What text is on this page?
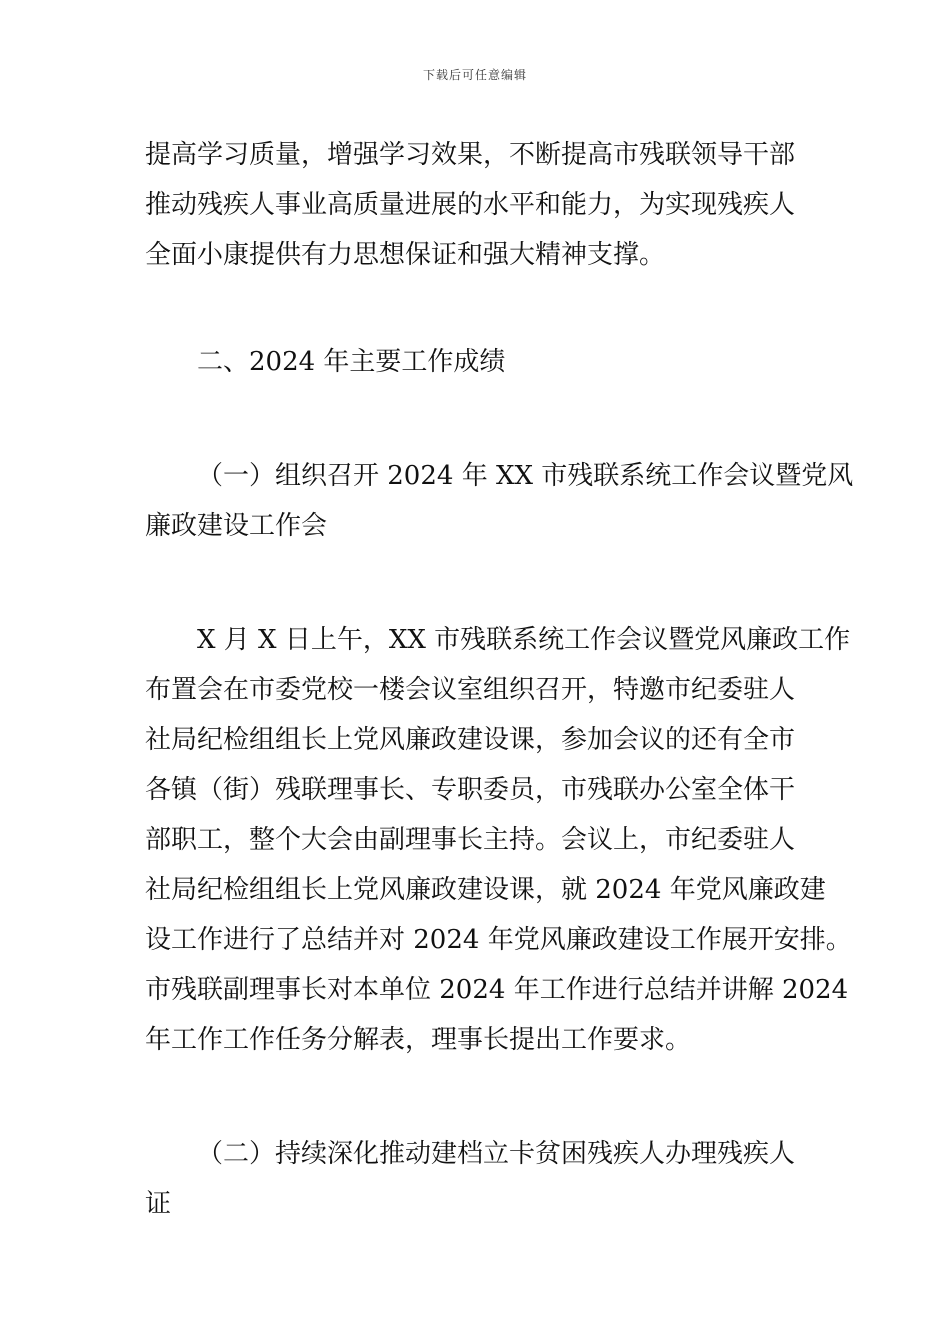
下载后可任意编辑
提高学习质量，增强学习效果，不断提高市残联领导干部
推动残疾人事业高质量进展的水平和能力，为实现残疾人
全面小康提供有力思想保证和强大精神支撑。
二、2024 年主要工作成绩
（一）组织召开 2024 年 XX 市残联系统工作会议暨党风
廉政建设工作会
X 月 X 日上午，XX 市残联系统工作会议暨党风廉政工作
布置会在市委党校一楼会议室组织召开，特邀市纪委驻人
社局纪检组组长上党风廉政建设课，参加会议的还有全市
各镇（街）残联理事长、专职委员，市残联办公室全体干
部职工，整个大会由副理事长主持。会议上，市纪委驻人
社局纪检组组长上党风廉政建设课，就 2024 年党风廉政建
设工作进行了总结并对 2024 年党风廉政建设工作展开安排。
市残联副理事长对本单位 2024 年工作进行总结并讲解 2024
年工作工作任务分解表，理事长提出工作要求。
（二）持续深化推动建档立卡贫困残疾人办理残疾人
证
